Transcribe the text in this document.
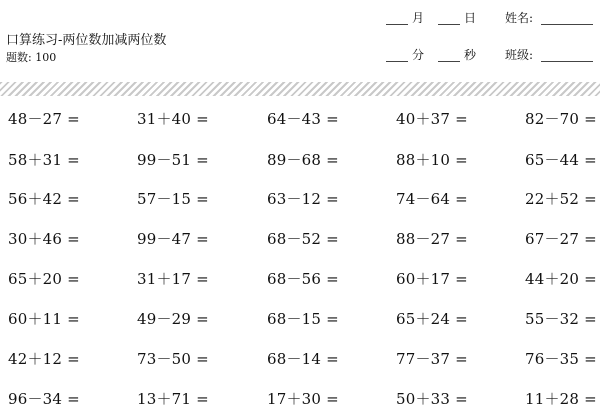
口算练习-两位数加减两位数
题数: 100
月	日 姓名:
分	秒 班级:
48－27 =	31＋40 =	64－43 =	40＋37 =	82－70 =
58＋31 =	99－51 =	89－68 =	88＋10 =	65－44 =
56＋42 =	57－15 =	63－12 =	74－64 =	22＋52 =
30＋46 =	99－47 =	68－52 =	88－27 =	67－27 =
65＋20 =	31＋17 =	68－56 =	60＋17 =	44＋20 =
60＋11 =	49－29 =	68－15 =	65＋24 =	55－32 =
42＋12 =	73－50 =	68－14 =	77－37 =	76－35 =
96－34 =	13＋71 =	17＋30 =	50＋33 =	11＋28 =
